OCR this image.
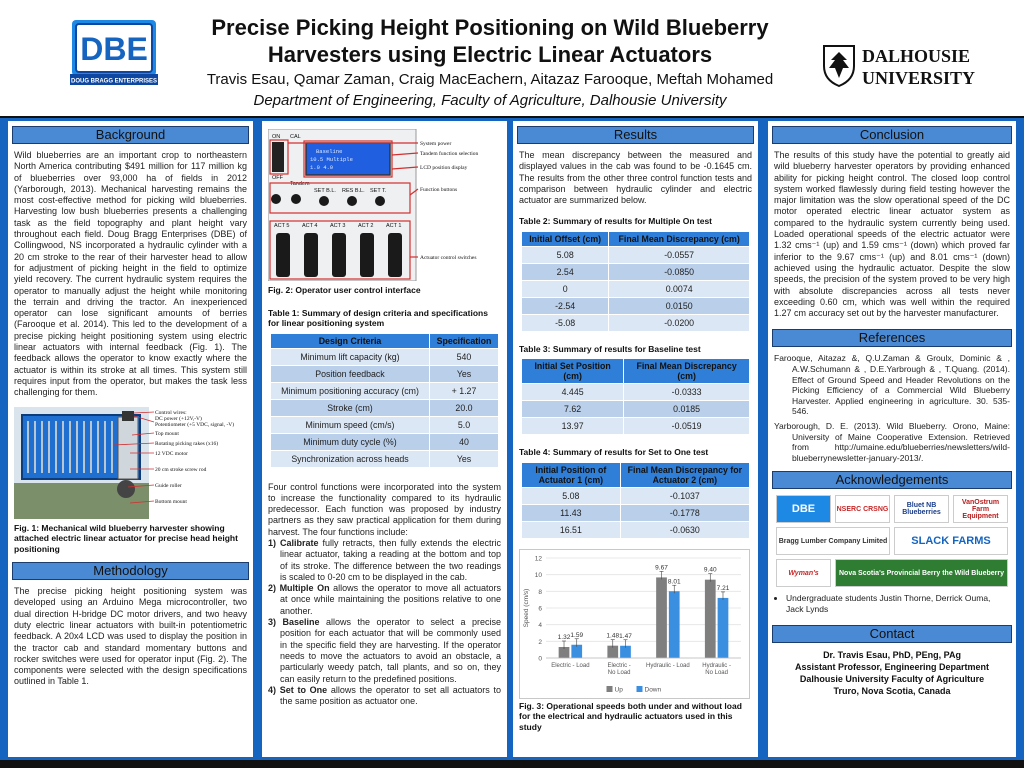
DBE
DOUG BRAGG ENTERPRISES
Precise Picking Height Positioning on Wild Blueberry Harvesters using Electric Linear Actuators
Travis Esau, Qamar Zaman, Craig MacEachern, Aitazaz Farooque, Meftah Mohamed
Department of Engineering, Faculty of Agriculture, Dalhousie University
DALHOUSIE
UNIVERSITY
Background
Wild blueberries are an important crop to northeastern North America contributing $491 million for 117 million kg of blueberries over 93,000 ha of fields in 2012 (Yarborough, 2013). Mechanical harvesting remains the most cost-effective method for picking wild blueberries. Harvesting low bush blueberries presents a challenging task as the field topography and plant height vary throughout each field. Doug Bragg Enterprises (DBE) of Collingwood, NS incorporated a hydraulic cylinder with a 20 cm stroke to the rear of their harvester head to allow for adjustment of picking height in the field to optimize yield recovery. The current hydraulic system requires the operator to manually adjust the height while monitoring the terrain and driving the tractor. An inexperienced operator can lose significant amounts of berries (Farooque et al. 2014). This led to the development of a precise picking height positioning system using electric linear actuators with internal feedback (Fig. 1). The feedback allows the operator to know exactly where the actuator is within its stroke at all times. This system still requires input from the operator, but makes the task less challenging for them.
Control wires:
DC power (+12V,-V)
Potentiometer (+5 VDC, signal, -V)
Top mount
Rotating picking rakes (x16)
12 VDC motor
20 cm stroke screw rod
Guide roller
Bottom mount
Fig. 1: Mechanical wild blueberry harvester showing attached electric linear actuator for precise head height positioning
Methodology
The precise picking height positioning system was developed using an Arduino Mega microcontroller, two dual direction H-bridge DC motor drivers, and two heavy duty electric linear actuators with built-in potentiometric feedback. A 20x4 LCD was used to display the position in the tractor cab and standard momentary buttons and rocker switches were used for operator input (Fig. 2). The components were selected with the design specifications outlined in Table 1.
ON CAL
OFF
Tandem
SET B.L. RES B.L. SET T.
ACT 5 ACT 4 ACT 3 ACT 2 ACT 1
Baseline
10.5 Multiple
1.0 4.0
System power
Tandem function selection
LCD position display
Function buttons
Actuator control switches
Fig. 2: Operator user control interface
Table 1: Summary of design criteria and specifications for linear positioning system
Design Criteria	Specification
Minimum lift capacity (kg)	540
Position feedback	Yes
Minimum positioning accuracy (cm)	+ 1.27
Stroke (cm)	20.0
Minimum speed (cm/s)	5.0
Minimum duty cycle (%)	40
Synchronization across heads	Yes
Four control functions were incorporated into the system to increase the functionality compared to its hydraulic predecessor. Each function was proposed by industry partners as they saw practical application for them during harvest. The four functions include:
1) Calibrate fully retracts, then fully extends the electric linear actuator, taking a reading at the bottom and top of its stroke. The difference between the two readings is scaled to 0-20 cm to be displayed in the cab.
2) Multiple On allows the operator to move all actuators at once while maintaining the positions relative to one another.
3) Baseline allows the operator to select a precise position for each actuator that will be commonly used in the specific field they are harvesting. If the operator needs to move the actuators to avoid an obstacle, a particularly weedy patch, tall plants, and so on, they can easily return to the predefined positions.
4) Set to One allows the operator to set all actuators to the same position as actuator one.
Results
The mean discrepancy between the measured and displayed values in the cab was found to be -0.1645 cm. The results from the other three control function tests and comparison between hydraulic cylinder and electric actuator are summarized below.
Table 2: Summary of results for Multiple On test
Initial Offset (cm)	Final Mean Discrepancy (cm)
5.08	-0.0557
2.54	-0.0850
0	0.0074
-2.54	0.0150
-5.08	-0.0200
Table 3: Summary of results for Baseline test
Initial Set Position (cm)	Final Mean Discrepancy (cm)
4.445	-0.0333
7.62	0.0185
13.97	-0.0519
Table 4: Summary of results for Set to One test
Initial Position of Actuator 1 (cm)	Final Mean Discrepancy for Actuator 2 (cm)
5.08	-0.1037
11.43	-0.1778
16.51	-0.0630
0
2
4
6
8
10
12
Speed (cm/s)
1.32 1.59
Electric - Load
1.48 1.47
Electric -
No Load
9.67
8.01
Hydraulic - Load
9.40
7.21
Hydraulic -
No Load
Up	Down
Fig. 3: Operational speeds both under and without load for the electrical and hydraulic actuators used in this study
Conclusion
The results of this study have the potential to greatly aid wild blueberry harvester operators by providing enhanced ability for picking height control. The closed loop control system worked flawlessly during field testing however the major limitation was the slow operational speed of the DC motor operated electric linear actuator system as compared to the hydraulic system currently being used. Loaded operational speeds of the electric actuator were 1.32 cms⁻¹ (up) and 1.59 cms⁻¹ (down) which proved far inferior to the 9.67 cms⁻¹ (up) and 8.01 cms⁻¹ (down) achieved using the hydraulic actuator. Despite the slow speeds, the precision of the system proved to be very high with absolute discrepancies across all tests never exceeding 0.60 cm, which was well within the required 1.27 cm accuracy set out by the harvester manufacturer.
References
Farooque, Aitazaz &, Q.U.Zaman & Groulx, Dominic & , A.W.Schumann & , D.E.Yarbrough & , T.Quang. (2014). Effect of Ground Speed and Header Revolutions on the Picking Efficiency of a Commercial Wild Blueberry Harvester. Applied engineering in agriculture. 30. 535-546.
Yarborough, D. E. (2013). Wild Blueberry. Orono, Maine: University of Maine Cooperative Extension. Retrieved from http://umaine.edu/blueberries/newsletters/wild-blueberrynewsletter-january-2013/.
Acknowledgements
DBE	NSERC CRSNG	Bluet NB Blueberries
VanOstrum Farm Equipment
Bragg Lumber Company Limited	SLACK FARMS
Wyman's	Nova Scotia's Provincial Berry the Wild Blueberry
• Undergraduate students Justin Thorne, Derrick Ouma, Jack Lynds
Contact
Dr. Travis Esau, PhD, PEng, PAg
Assistant Professor, Engineering Department
Dalhousie University Faculty of Agriculture
Truro, Nova Scotia, Canada
